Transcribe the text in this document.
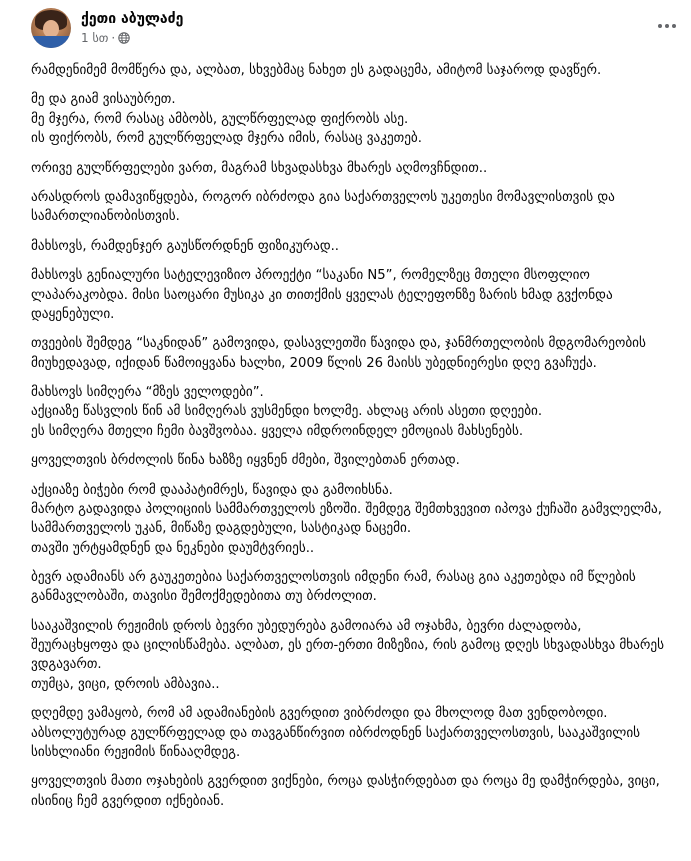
ქეთი აბულაძე
1 სთ ·

რამდენიმემ მომწერა და, ალბათ, სხვებმაც ნახეთ ეს გადაცემა, ამიტომ საჯაროდ დავწერ.

მე და გიამ ვისაუბრეთ.
მე მჯერა, რომ რასაც ამბობს, გულწრფელად ფიქრობს ასე.
ის ფიქრობს, რომ გულწრფელად მჯერა იმის, რასაც ვაკეთებ.

ორივე გულწრფელები ვართ, მაგრამ სხვადასხვა მხარეს აღმოვჩნდით..

არასდროს დამავიწყდება, როგორ იბრძოდა გია საქართველოს უკეთესი მომავლისთვის და სამართლიანობისთვის.

მახსოვს, რამდენჯერ გაუსწორდნენ ფიზიკურად..

მახსოვს გენიალური სატელევიზიო პროექტი “საკანი N5”, რომელზეც მთელი მსოფლიო ლაპარაკობდა. მისი საოცარი მუსიკა კი თითქმის ყველას ტელეფონზე ზარის ხმად გვქონდა დაყენებული.

თვეების შემდეგ “საკნიდან” გამოვიდა, დასავლეთში წავიდა და, ჯანმრთელობის მდგომარეობის მიუხედავად, იქიდან წამოიყვანა ხალხი, 2009 წლის 26 მაისს უბედნიერესი დღე გვაჩუქა.

მახსოვს სიმღერა “მზეს ველოდები”.
აქციაზე წასვლის წინ ამ სიმღერას ვუსმენდი ხოლმე. ახლაც არის ასეთი დღეები.
ეს სიმღერა მთელი ჩემი ბავშვობაა. ყველა იმდროინდელ ემოციას მახსენებს.

ყოველთვის ბრძოლის წინა ხაზზე იყვნენ ძმები, შვილებთან ერთად.

აქციაზე ბიჭები რომ დააპატიმრეს, წავიდა და გამოიხსნა.
მარტო გადავიდა პოლიციის სამმართველოს ეზოში. შემდეგ შემთხვევით იპოვა ქუჩაში გამვლელმა, სამმართველოს უკან, მიწაზე დაგდებული, სასტიკად ნაცემი.
თავში ურტყამდნენ და ნეკნები დაუმტვრიეს..

ბევრ ადამიანს არ გაუკეთებია საქართველოსთვის იმდენი რამ, რასაც გია აკეთებდა იმ წლების განმავლობაში, თავისი შემოქმედებითა თუ ბრძოლით.

სააკაშვილის რეჟიმის დროს ბევრი უბედურება გამოიარა ამ ოჯახმა, ბევრი ძალადობა, შეურაცხყოფა და ცილისწამება. ალბათ, ეს ერთ-ერთი მიზეზია, რის გამოც დღეს სხვადასხვა მხარეს ვდგავართ.
თუმცა, ვიცი, დროის ამბავია..

დღემდე ვამაყობ, რომ ამ ადამიანების გვერდით ვიბრძოდი და მხოლოდ მათ ვენდობოდი.
აბსოლუტურად გულწრფელად და თავგანწირვით იბრძოდნენ საქართველოსთვის, სააკაშვილის სისხლიანი რეჟიმის წინააღმდეგ.

ყოველთვის მათი ოჯახების გვერდით ვიქნები, როცა დასჭირდებათ და როცა მე დამჭირდება, ვიცი, ისინიც ჩემ გვერდით იქნებიან.
